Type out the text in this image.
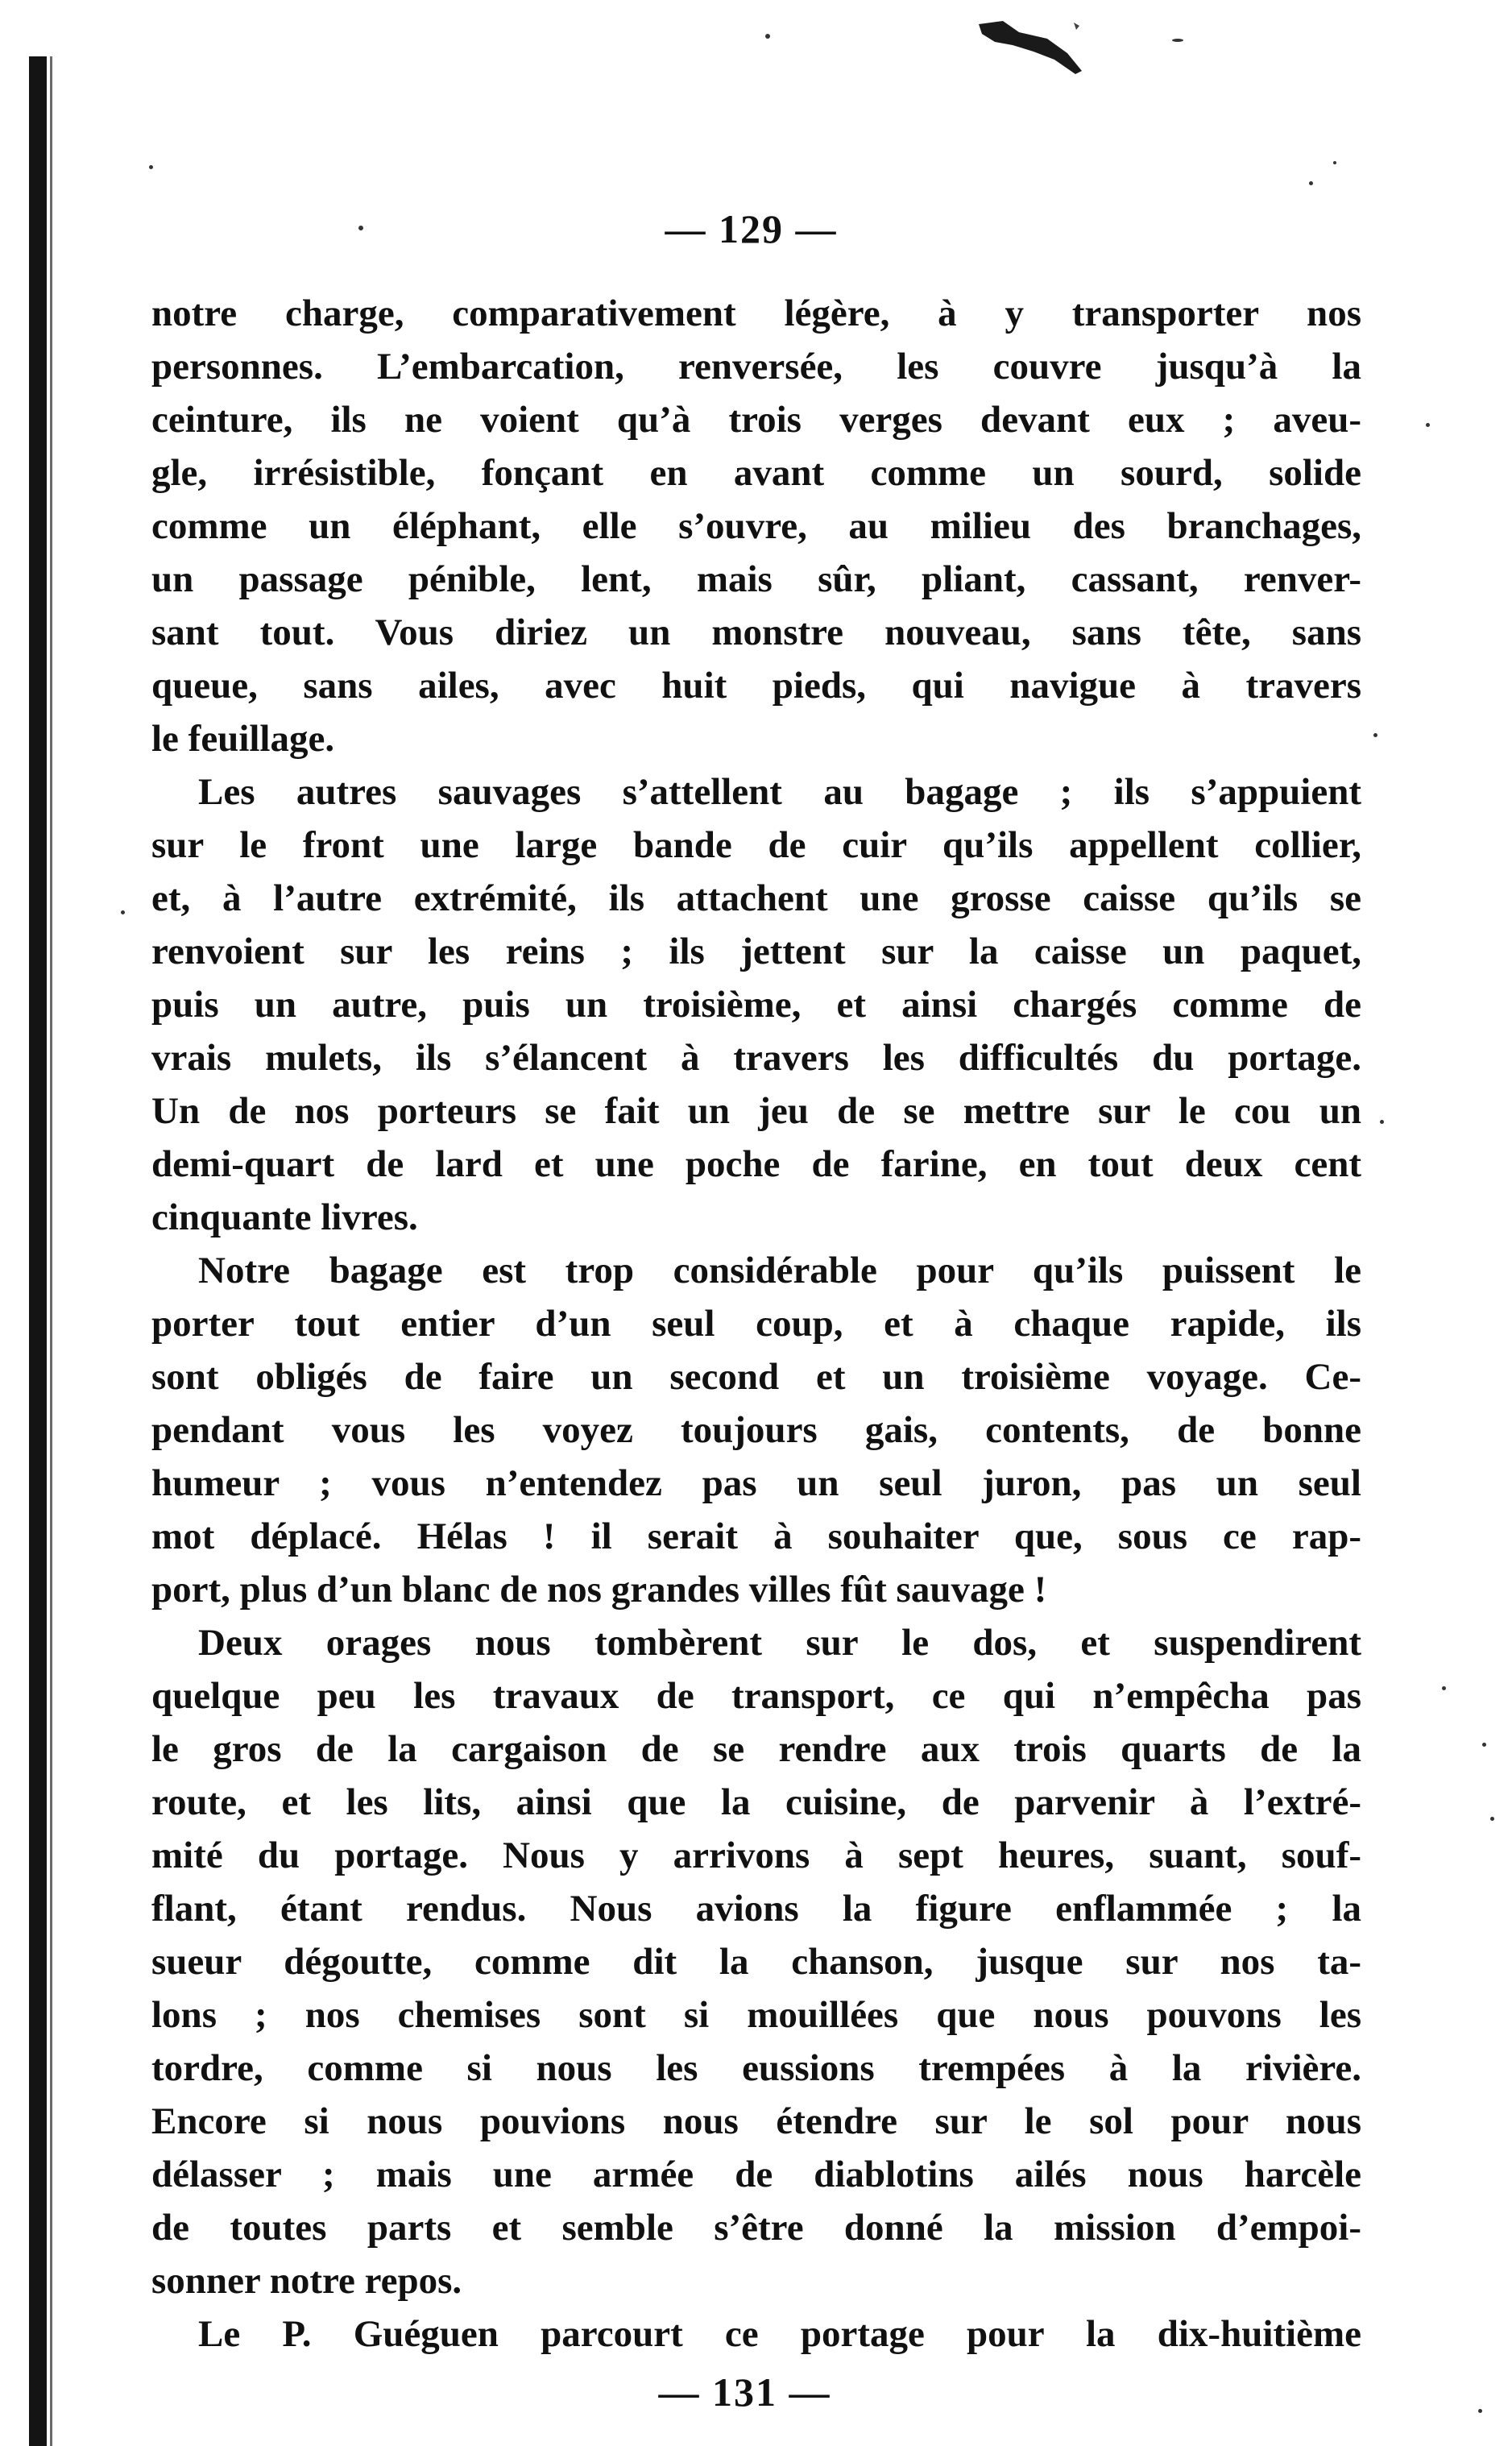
— 129 —
notre charge, comparativement légère, à y transporter nos
personnes. L’embarcation, renversée, les couvre jusqu’à la
ceinture, ils ne voient qu’à trois verges devant eux ; aveu-
gle, irrésistible, fonçant en avant comme un sourd, solide
comme un éléphant, elle s’ouvre, au milieu des branchages,
un passage pénible, lent, mais sûr, pliant, cassant, renver-
sant tout. Vous diriez un monstre nouveau, sans tête, sans
queue, sans ailes, avec huit pieds, qui navigue à travers
le feuillage.
Les autres sauvages s’attellent au bagage ; ils s’appuient
sur le front une large bande de cuir qu’ils appellent collier,
et, à l’autre extrémité, ils attachent une grosse caisse qu’ils se
renvoient sur les reins ; ils jettent sur la caisse un paquet,
puis un autre, puis un troisième, et ainsi chargés comme de
vrais mulets, ils s’élancent à travers les difficultés du portage.
Un de nos porteurs se fait un jeu de se mettre sur le cou un
demi-quart de lard et une poche de farine, en tout deux cent
cinquante livres.
Notre bagage est trop considérable pour qu’ils puissent le
porter tout entier d’un seul coup, et à chaque rapide, ils
sont obligés de faire un second et un troisième voyage. Ce-
pendant vous les voyez toujours gais, contents, de bonne
humeur ; vous n’entendez pas un seul juron, pas un seul
mot déplacé. Hélas ! il serait à souhaiter que, sous ce rap-
port, plus d’un blanc de nos grandes villes fût sauvage !
Deux orages nous tombèrent sur le dos, et suspendirent
quelque peu les travaux de transport, ce qui n’empêcha pas
le gros de la cargaison de se rendre aux trois quarts de la
route, et les lits, ainsi que la cuisine, de parvenir à l’extré-
mité du portage. Nous y arrivons à sept heures, suant, souf-
flant, étant rendus. Nous avions la figure enflammée ; la
sueur dégoutte, comme dit la chanson, jusque sur nos ta-
lons ; nos chemises sont si mouillées que nous pouvons les
tordre, comme si nous les eussions trempées à la rivière.
Encore si nous pouvions nous étendre sur le sol pour nous
délasser ; mais une armée de diablotins ailés nous harcèle
de toutes parts et semble s’être donné la mission d’empoi-
sonner notre repos.
Le P. Guéguen parcourt ce portage pour la dix-huitième
— 131 —
